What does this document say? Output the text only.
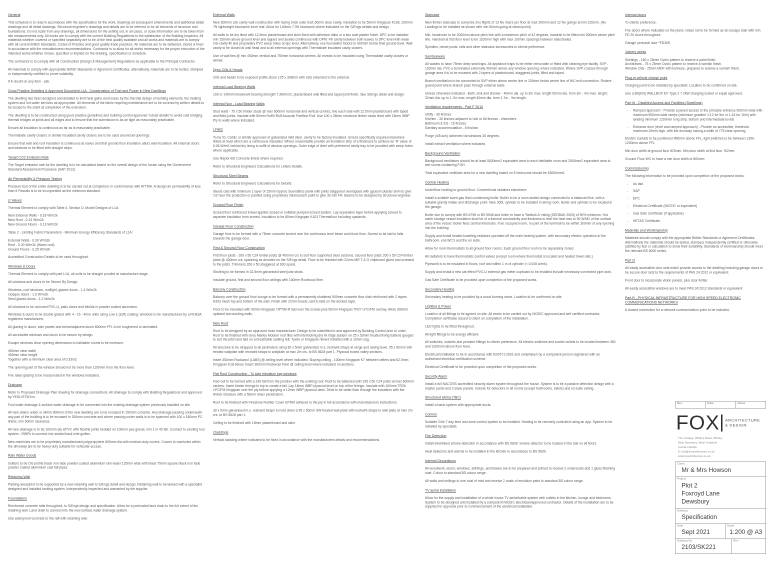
General

This schedule is to read in accordance with the specification for the work, drawings all subsequent amendments and additional detail drawings and all detail drawings. Structural engineer's drawings and details are to be referred to for all elements of structure and foundations. Do not scale from any drawings, all dimensions for the setting out, in all cases, or scale information are to be taken from site measurements only. All works are to comply with the current Building Regulations to the satisfaction of the Building Inspector. All materials whether covered or specified separately are to be of the best quality available and all works and materials are to comply with all current British Standards, Codes of Practice and good quality trade practices. All materials are to be delivered, stored & fixed in accordance with the manufacturers recommendations. Contractor is to allow for all works necessary for the proper execution of the intended works whether shown, specified or implied on the drawing, specification or schedule.

The contractor is to comply with all Construction (Design & Management) Regulations as applicable to the Principal Contractor.

All materials to comply with appropriate British Standards or Agrement Certificates, alternatively, materials are to be tested, stamped or independently certified to prove suitability.

If in doubt on any item - ask.

Good Practice Detailing & Approved Document L1A - Conservation of Fuel and Power in New Dwellings

The dwelling has been designed and detailed to limit heat gains and losses by the thermal design of building elements, the heating system and hot water services as appropriate. All elements of the fabric requiring maintenance are to be covered by written details to be issued to the client at completion of the extension.

The dwelling is to be constructed using good practice guidelines and building control approved 'robust details' to avoid cold bridging, thermal bridges at joints and all edges and to ensure that the submission is as air tight as reasonably practicable.

Ensure all insulation is continuous as far as is reasonably practicable.

Thermabate cavity closers or similar insulated cavity closers are to be used around all openings.

Ensure that wall and roof insulation is continuous at eaves and that ground floor insulation abuts wall insulation. All external doors and windows to be fitted with draught strips.

Target CO2 Emission Rate

The Target emission rate for the dwelling is to be calculated based on the overall design of the house using the Government Standard Assessment Procedure (SAP 2012).

Air Permeability & Pressure Testing

Pressure test of the entire dwelling is to be carried out at completion, in conformance with ATTMA. A design air permeability of less than 5 Pascals is to be incorporated as the minimum standard.

U Values

Thermal Element to comply with Table 4, Section D, Model Designs of L1A:

New External Walls - 0.18 W/m2k
New Roof - 0.13 W/m2k
New Ground Floors - 0.13 W/m2k

Table 2 - Limiting Fabric Parameters - Minimum Energy Efficiency Standards of L1A:

External Walls - 0.30 W/m2k
Roof - 0.20 W/m2k (Warm roof)
Ground Floors - 0.25 W/m2k

Accredited Construction Details to be used throughout.

Windows & Doors

Thermal Element to comply with part L1A, all units to be draught proofed at manufacture stage.

All windows and doors to be Secure By Design.

Windows, roof windows, rooflight, glazed doors - 1.4 W/m2k
Opaque doors - 1.0 W/m2k
Semi glazed doors - 1.2 W/m2k

All windows to be coloured PVC-U, patio doors and bifolds in powder coated aluminium.

Windows & doors to be double glazed with 4 - 16 - 4mm units using Low e (soft) coating; windows to be manufactured by a FENSA registered manufacturer.

All glazing in doors, side panels and below/adjacent doors 800mm FFL to be toughened or laminated.

All accessible windows and doors to be secure by design.

Escape windows clear opening dimensions to habitable rooms to be minimum:

450mm clear width
450mm clear height
Together with a minimum clear area of 0.33m2

The opening part of the window should not be more than 1100mm from the floor level.

Fire rated glazing to be incorporated in the windows indicated.

Drainage

Refer to Proposed Drainage Plan drawing for drainage connections. All drainage to comply with Building Regulations and approved by YEDL/STW Inc.

Foul water drainage & surface water drainage to be connected into the existing drainage system previously installed on site.

All new drains under or within 900mm of the new dwelling are to be encased in 150mm concrete. Any drainage passing underneath any part of the building is to be encased in 150mm concrete and where passing under walls is to be spanned with 100 x 150mm PC lintels, min 50mm clearance.

All new drainage is to be 100mm dia UPVC with flexible joints bedded on 100mm pea gravel, min 1 in 40 fall. Connect to existing foul system - RWPs to connect into sealed back inlet gullies.

New manholes are to be proprietary manufactured polypropylene 600mm dia with medium duty covers. Covers to manholes within the driveway are to be heavy duty suitable for vehicular access.

Rain Water Goods

Gutters to be OG profile black non fade powder coated aluminium rain water 125mm wide with black 75mm square black non fade powder coated aluminium cast fall pipes.

Retaining Wall

Parking areas/plot to be supported by a new retaining wall to S/Engs detail and design. Retaining wall to be tanked with a specialist designed and installed tanking system. Independently inspected and warranted by the supplier.

Foundations

Reinforced concrete rafts throughout, to S/Engs design and specification. Allow for a perforated land drain to the full extent of the retaining wall. Land drain to connect into the new surface water drainage system.

Use waterproof concrete to the raft with retaining wall.

External Walls

New 300mm cob cavity wall construction with facing brick outer leaf, 50mm clear cavity, insulation to be 50mm Kingspan K108, 100mm 7N lightweight blockwork inner leaf. Allow for 140mm 7.3N blockwork where indicated on the S/Engs details and design.

All walls to be dry lined with 12.5mm plasterboard and skim fixed with adhesive dabs or a two coat plaster finish. DPC to be installed min 150mm above ground level and lapped and sealed continuous with DPM. Fill cavity between both leaves to DPC level with weak mix cavity fill and proprietary PVC weep holes at dpc level. Alternatively, use foundation blocks to 900mm below final ground level. Wall cavity to be closed at wall head and to all external openings with Thermabate insulated cavity closers.

Use of wall ties @ min 450mm vertical and 750mm horizontal centres. All reveals to be insulated using Thermabate cavity closers or similar.

Dpcs Cills & Heads

Cills and heads to be exposed profile stone 125 x 300mm with sets extended to the external.

Internal Load Bearing Walls

100 or 140mm blockwork bearing strength 7.3N/mm2, plasterboard wall filled and taped joint finish. See S/Engs detail and design.

Internal Non - Load Bearing Walls

Stud walls - 75 x 50 timber studs @ max 600mm horizontal and vertical centres, line each side with 12.5mm plasterboard with taped and filled joints, insulate with 50mm Ruff'n'Ruff Acoustic Partition Roll. Use 100 x 38mm structural timber studs lined with 15mm WBP Ply to walls where indicated.

Lintels

To be IG, Catnic or similar approved of galvanised mild steel, cavity to be factory insulated. Unless specifically required elsewhere lintels at level which are a continuous insulated. Where unavoidable provide an insulation strip of a thickness to achieve an 'R' value of 0.06 W/mK behind dry lining to soffit of window openings. Outer edge of lintel with preformed cavity tray to be provided with weep holes where applicable.

Use Naylor BG Concrete lintels where required.

Refer to Structural Engineers Calculations for Lintels Details.

Structural Steel Beams

Refer to Structural Engineers Calculations for Details.

Steels clad with minimum 1 layer of 15mm Gyproc SoundBloc plank with joints staggered overlapped with gypsum plaster skim to give 1/2 hour fire protection or painted using proprietary intumescent paint to give 30 min FR. Beams to be designed by structural engineer.

Ground Floor Finish

Screed floor reinforced trowel applied screed or suitable pumped screed system. Lay separation layer before applying screed to separate insulation from screed. Insulation to be 80mm Kingspan K103 Thermafloor including upstands.

Garage Floor Construction

Garage floor to be formed with a 75mm concrete screed over the continuous level beam and block floor. Screed to be laid to falls towards the garage door.

First & Second Floor Construction

First floor joists - 200 x 50 C24 timber joists @ 400mm crs to suit floor supported steel sections, second floor joists 200 x 50 C24 timber joists @ 400mm crs, spanning as denoted on the S/Engs detail. Floor to be finished with 22mm MR T & G chipboard glued and screwed to the joists. Trimmers 200 x 50 staggered at 600 spans.

Strutting to be formed in 32.5mm galvanised steel joist struts.

Insulate ground, first and second floor ceilings with 100mm Rockwool fibre.

Balcony Construction

Balcony over the ground floor lounge to be formed with a permanently shuttered 500mm concrete floor slab reinforced with 2 layers A393 mesh top and bottom of the slab. Finish with 22mm treads, laid to falls on the decked layer.

Floor to be insulated with 90mm Kingspan OPTIM-R laid over the screed plus 50mm Kingspan TR27 LPC/FM overlay. Allow 300mm upstand surrounding walls.

New Roof

Roof to be designed by an approved truss manufacturer. Design to be submitted to and approved by Building Control prior to order. Roof to be finished with Grey Marley Modern roof tiles with interlocking dry fix ridge system on 25 x 50mm treated fixing battens gauged to suit the pitch and laid on a breathable sarking felt, Tyvek or Kingspan nilvent installed with a 10mm sag.

All structure to be strapped to all perimeters using 30 x 5mm galvanised m.s. restraint straps at verge and ceiling level. 95 x 50mm SW treated wallplate with restraint straps to wallplate at max 2m crs. to BS 5628 part 1. Plywood boxed valley sections.

Insert 350mm Rockwool (LABS) @ ceiling level where indicated. Sloping ceiling - 100mm Kingspan K7 between rafters and 62.5mm Kingspan K18 below. Insert 300mm Rockwool Flexi @ ceiling level where indicated on sections.

Flat Roof Construction - To side elevation bay windows

Flat roof to be formed with a 140 fall from the junction with the existing roof. Roof to be battened with 195 x 50 C24 joists at max 600mm centres. Insert timber firrings to top to create a fall. Lay 18mm WBP plywood level on top of the firrings. Insulate with 100mm TR26 LPC/FM Kingspan over the ply before applying a 12mm WBP plywood deck. Deck to be wider than through the insulation with the timber structure with a 50mm lower penetration.

Roof to be finished with Firestone Rubber Cover EPDM adhered to the ply in full accordance with manufacturers instructions.

30 x 5mm galvanised m.s. restraint straps to hold down a 95 x 50mm SW treated wall plate with restraint straps to wall plate at max 2m crs. to BS 5628 part 1.

Ceiling to be finished with 15mm plasterboard and skim.

Claddings

Vertical cladding where indicated to be fixed in accordance with the manufacturers details and recommendations.

Staircase

New timber staircase to comprise 2no flights of 13 No risers per floor at max 200mm and 12 No goings at min 220mm. (No Landings to be installed as shown with min 50mm going at raised point)

Min. headroom to be 2000mm above pitch line with a maximum pitch of 42 degrees, handrail to be fitted min 900mm above pitch line. Handrail at first floor level to be 1100mm high with max 100mm spacings between balustrades.

Spindles, newel posts, rails and other staircase accessories to clients preference.

Sanitaryware

All wastes to have 75mm deep seal traps. All appliance traps to be either removable or fitted with cleaning eye facility. SVP - 100mm dia. PVC-u terminated externally 900mm above any window opening, where indicated. Where SVP crosses through garage area it is to be encased with 2 layers of plasterboard, staggered joints, filled and taped.

Branch ventilation to be connected to SVP either above centre line or 200mm below centre line of WC exit connection. Rodent guard point where branch pass through external walls.

Unless otherwise indicated - Bath, sink and shower - 40mm dia. up to 3m max. length 50mm dia. from 3m - 4m max. length; 32mm dia. up to 1.7m max. length 40mm dia. from 1.7m - 3m length.

Ventilation requirements - Part F 2010
Utility - 30 ltrs/sec
Kitchen - 30 ltrs/sec adjacent to hob or 60 ltrs/sec - elsewhere
Bathroom & ES - 15 ltrs/sec
Sanitary accommodation - 6 ltrs/sec

Purge (4/5 ach) achieved via windows 30 degrees.

Install extract ventilation where indicated.

Background Ventilation

Background ventilators should be at least 5000mm2 equivalent area to each habitable room and 2500mm2 equivalent area to wet rooms containing FGH.

Total equivalent ventilator area for a new dwelling based on 5 bedrooms should be 45000mm2.

Central Heating

Underfloor heating to ground floor. Conventional radiators elsewhere.

Install a suitable sized gas fired condensing boiler. Boiler to be a room sealed design connected to a balanced flue, with a suitable gravity intake and discharge point. New 300L cylinder to be installed in airing room. Boiler and cylinder to be located in the garage.

Boiler due to comply with BS 6798 or BS 5546 and boiler to have a 'Sedbuk A' rating (SEDBUK 2009) of 90% minimum. Hot water storage vessel insulation shall be of a thermal conductivity and thickness to limit the heat loss to 90 W/M2 of the surface area of the vessel. Boiler flues central interlocks. If an occupied room, no part of the terminal to be within 300mm of any opening into the building.

Supply and install heated towelling radiators operated off the main heating system, with secondary electric operation to the bathroom, ens WC's and the en suite.

Allow for room thermostats to all ground floor rooms. Each ground floor room to be separately zoned.

All radiators to have thermostatic control valves (except room where thermostat is located and heated towel rails.)

Pipework is to be insulated in floors, roof and within 1 m of cylinder (< 0.045 w/mk).

Supply and install a new cat effect PVC-U external gas meter cupboard to be installed include necessary connected pipe work.

Gas Safe Certificate to be provided upon completion of the proposed works.

Secondary Heating

Secondary heating to be provided by a wood burning stove. Location to be confirmed on site.

Lighting & Power

Location of all fittings to be agreed on site. All works to be carried out by NICEIC approved and self certified contractor. Completion certificate issued to client on completion of the installation.

LED lights to be fitted throughout.

All light fittings to be energy efficient.

All switches, sockets and pendant fittings to clients preference. All electric switches and socket outlets to be located between 450 and 1200mm above floor level.

Electrical installation to be in accordance with BS7671:2001 and undertaken by a competent person registered with an authorised electrical certification scheme.

Electrical Certificate to be provided upon completion of the proposed works.

Security Alarm

Install a full NACOSS accredited security alarm system throughout the house. System is to be a passive detection design with a master panel and 2 slave panels. Include for detectors in all rooms (except bathrooms, toilets) and en-suite ceiling.

Structured wiring (TBC)

Install a basic system with appropriate ducts.

Comms

Suitable 24hr 7 day time and zone control system to be installed. Heating to be remotely controlled using an app. System to be installed by specialist.

Fire Detection

Install interlinked smoke detection in accordance with BS 5839. Smoke detector to be located in the hall on all floors.

Heat detectors and alarms to be installed in the kitchen in accordance to BS 5839.

Internal Decorations

All woodwork, doors, windows, skirtings, architraves are to be prepared and primed to receive 2 undercoats and 1 gloss finishing coat. Colour to standard BS colour range.

All walls and ceilings to one coat of mist and receive 2 coats of emulsion paint to standard BS colour range.

TV aerial installation

Allow for the supply and installation of a whole house TV aerial/cable system with outlets in the kitchen, lounge and bedrooms. System to be designed and installed by a competent NICEIC electrician/approved contractor. Details of the installation are to be supplied for approval prior to commencement of the electrical installation.

Internal doors

To clients preference.

Fire doors where indicated on the plans. Glass not to be formed as an escape stair with min FD 20 doors throughout.

Garage personal door *FD30S

Joinery works
Skirtings - 150 x 25mm Ovolo pattern to receive a paint finish.
Architraves - 75 x 25mm Ovolo pattern to receive a varnish finish.
Window Cills - 25mm MDF with bullnose, prepared to receive a varnish finish.
Plug-in vehicle charge point

Charging point to be installed by specialist. Location to be confirmed on site.

Use a BS(EN) WALLBOX EV Type 2 7.2kW charging socket or equal approved.

Part M - Disabled Access and Facilities (Dwellings)
- Ramped approach - Provide a paved access to the principle entrance 900mm wide with maximum 900mm wide ramps (minimum gradient 1:12 for 5m or 1:15 for 10m) with landing minimum 1200mm long strip, bottom and intermediate levels
- Entrance door (level and ramped approach) - Provide an accessible, threshold maximum 15mm high, with the doorway having a width of 775 clear opening

Electric sockets to be positioned 450mm above FFL, light switches to be between 1350-1200mm above FFL

Min door width at ground floor 825mm. Min door width at first floor 762mm

Ground Floor WC to have a min door width of 800mm

Commissioning

The following information to be provided upon completion of the proposed works:

- As laid
- SAP
- EPC
- Electrical Certificate (NICEIC or equivalent)
- Gas Safe Certificate (if applicable)
- HETAS Certificate.
Materials and Workmanship

Materials should comply with the appropriate British Standards or Agrement Certificates. Alternatively the materials should be tested, stamped, independently certified or otherwise justified by test or calculation to show their suitability. Standards of workmanship should meet the relevant BS 8000 series.

Part Q

All easily accessible door sets which provide access to the dwelling including garage doors to be secure door sets to the requirements of PAS 24:2012 or equivalent.

Front door to incorporate vision panels, plus door limiter.

All easily accessible windows are to meet PAS 24:2012 standards or equivalent

Part R - PHYSICAL INFRASTRUCTURE FOR HIGH SPEED ELECTRONIC COMMUNICATIONS NETWORKS

A ducted connection for a network communication point to be included.

Rev	Date	Notes
FOX ARCHITECTURE
& DESIGN
The Cottage, Whitley Road, Whitley
Near Dewsbury, West Yorkshire
Contact details:
E: info@foxarchitecture.co.uk
www.foxarchitecture.co.uk
Client
Mr & Mrs Howson
Project
Plot 2
Foxroyd Lane
Dewsbury
Drawing
Specification
Date
Sept 2021
Scale
1:200 @ A3
Drawing No
2103/SK221
Rev
